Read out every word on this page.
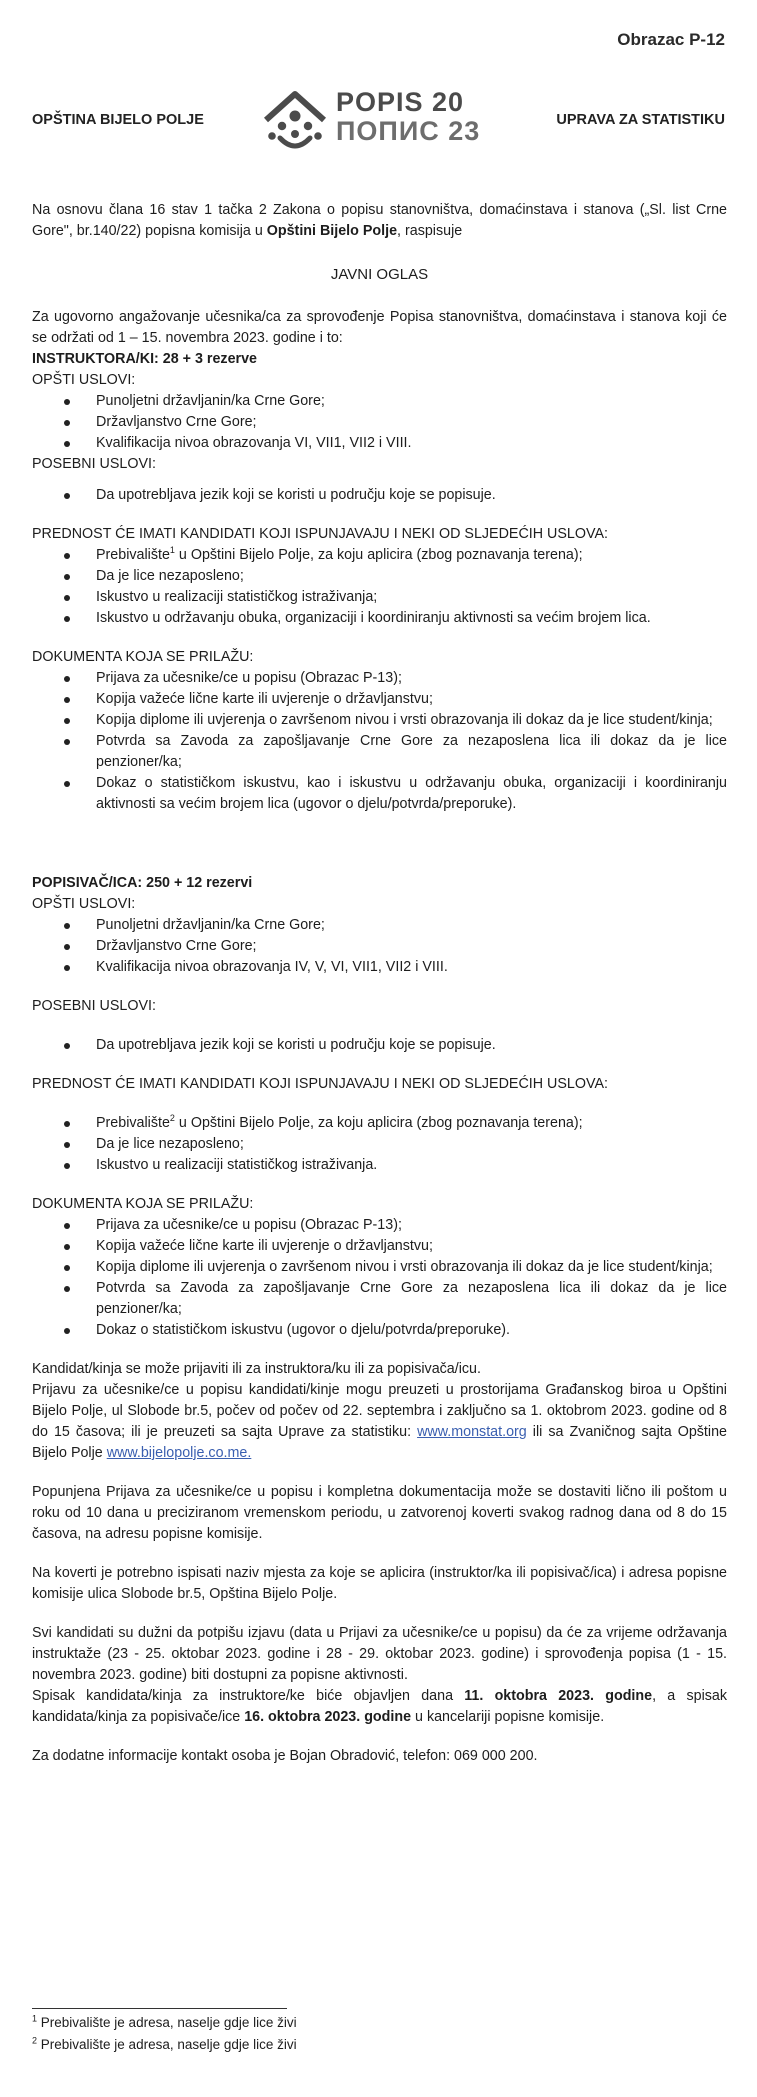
Obrazac P-12
OPŠTINA BIJELO POLJE
POPIS 20
ПОПИС 23	UPRAVA ZA STATISTIKU

Na osnovu člana 16 stav 1 tačka 2 Zakona o popisu stanovništva, domaćinstava i stanova („Sl. list Crne Gore", br.140/22) popisna komisija u Opštini Bijelo Polje, raspisuje

JAVNI OGLAS

Za ugovorno angažovanje učesnika/ca za sprovođenje Popisa stanovništva, domaćinstava i stanova koji će se održati od 1 – 15. novembra 2023. godine i to:

INSTRUKTORA/KI: 28 + 3 rezerve

OPŠTI USLOVI:

Punoljetni državljanin/ka Crne Gore;
Državljanstvo Crne Gore;
Kvalifikacija nivoa obrazovanja VI, VII1, VII2 i VIII.

POSEBNI USLOVI:

Da upotrebljava jezik koji se koristi u području koje se popisuje.

PREDNOST ĆE IMATI KANDIDATI KOJI ISPUNJAVAJU I NEKI OD SLJEDEĆIH USLOVA:

Prebivalište$^1$ u Opštini Bijelo Polje, za koju aplicira (zbog poznavanja terena);
Da je lice nezaposleno;
Iskustvo u realizaciji statističkog istraživanja;
Iskustvo u održavanju obuka, organizaciji i koordiniranju aktivnosti sa većim brojem lica.

DOKUMENTA KOJA SE PRILAŽU:

Prijava za učesnike/ce u popisu (Obrazac P-13);
Kopija važeće lične karte ili uvjerenje o državljanstvu;
Kopija diplome ili uvjerenja o završenom nivou i vrsti obrazovanja ili dokaz da je lice student/kinja;
Potvrda sa Zavoda za zapošljavanje Crne Gore za nezaposlena lica ili dokaz da je lice penzioner/ka;
Dokaz o statističkom iskustvu, kao i iskustvu u održavanju obuka, organizaciji i koordiniranju aktivnosti sa većim brojem lica (ugovor o djelu/potvrda/preporuke).

POPISIVAČ/ICA: 250 + 12 rezervi

OPŠTI USLOVI:

Punoljetni državljanin/ka Crne Gore;
Državljanstvo Crne Gore;
Kvalifikacija nivoa obrazovanja IV, V, VI, VII1, VII2 i VIII.

POSEBNI USLOVI:

Da upotrebljava jezik koji se koristi u području koje se popisuje.

PREDNOST ĆE IMATI KANDIDATI KOJI ISPUNJAVAJU I NEKI OD SLJEDEĆIH USLOVA:

Prebivalište$^2$ u Opštini Bijelo Polje, za koju aplicira (zbog poznavanja terena);
Da je lice nezaposleno;
Iskustvo u realizaciji statističkog istraživanja.

DOKUMENTA KOJA SE PRILAŽU:

Prijava za učesnike/ce u popisu (Obrazac P-13);
Kopija važeće lične karte ili uvjerenje o državljanstvu;
Kopija diplome ili uvjerenja o završenom nivou i vrsti obrazovanja ili dokaz da je lice student/kinja;
Potvrda sa Zavoda za zapošljavanje Crne Gore za nezaposlena lica ili dokaz da je lice penzioner/ka;
Dokaz o statističkom iskustvu (ugovor o djelu/potvrda/preporuke).

Kandidat/kinja se može prijaviti ili za instruktora/ku ili za popisivača/icu.

Prijavu za učesnike/ce u popisu kandidati/kinje mogu preuzeti u prostorijama Građanskog biroa u Opštini Bijelo Polje, ul Slobode br.5, počev od počev od 22. septembra i zaključno sa 1. oktobrom 2023. godine od 8 do 15 časova; ili je preuzeti sa sajta Uprave za statistiku: www.monstat.org ili sa Zvaničnog sajta Opštine Bijelo Polje www.bijelopolje.co.me.

Popunjena Prijava za učesnike/ce u popisu i kompletna dokumentacija može se dostaviti lično ili poštom u roku od 10 dana u preciziranom vremenskom periodu, u zatvorenoj koverti svakog radnog dana od 8 do 15 časova, na adresu popisne komisije.

Na koverti je potrebno ispisati naziv mjesta za koje se aplicira (instruktor/ka ili popisivač/ica) i adresa popisne komisije ulica Slobode br.5, Opština Bijelo Polje.

Svi kandidati su dužni da potpišu izjavu (data u Prijavi za učesnike/ce u popisu) da će za vrijeme održavanja instruktaže (23 - 25. oktobar 2023. godine i 28 - 29. oktobar 2023. godine) i sprovođenja popisa (1 - 15. novembra 2023. godine) biti dostupni za popisne aktivnosti.

Spisak kandidata/kinja za instruktore/ke biće objavljen dana 11. oktobra 2023. godine, a spisak kandidata/kinja za popisivače/ice 16. oktobra 2023. godine u kancelariji popisne komisije.

Za dodatne informacije kontakt osoba je Bojan Obradović, telefon: 069 000 200.

$^1$ Prebivalište je adresa, naselje gdje lice živi
$^2$ Prebivalište je adresa, naselje gdje lice živi
